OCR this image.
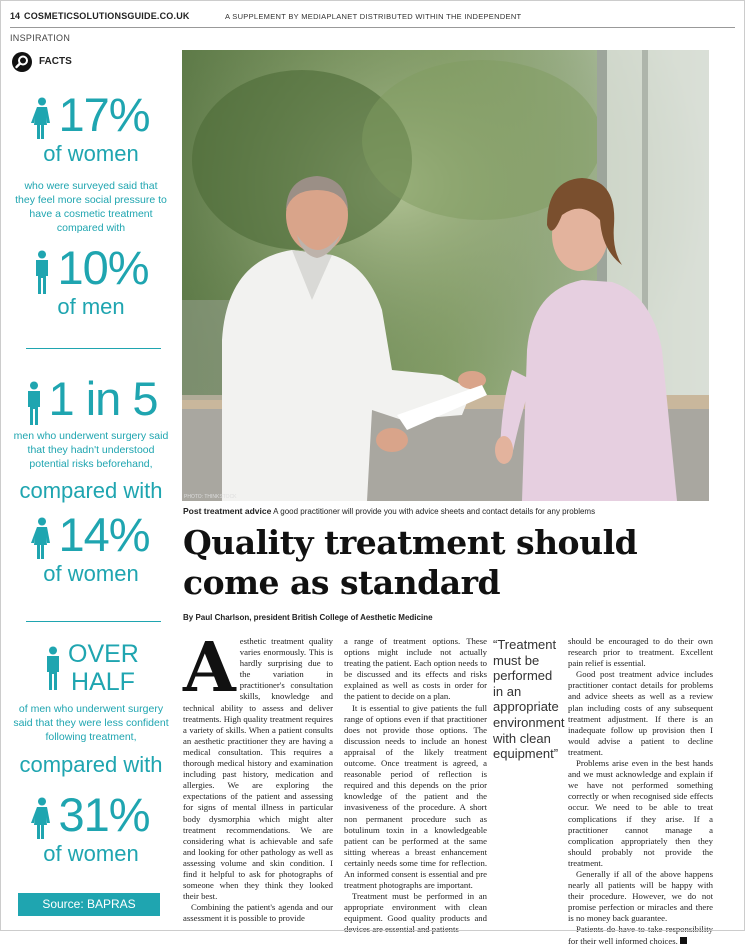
14 COSMETICSOLUTIONSGUIDE.CO.UK	A SUPPLEMENT BY MEDIAPLANET DISTRIBUTED WITHIN THE INDEPENDENT
INSPIRATION
FACTS
17%
of women
who were surveyed said that they feel more social pressure to have a cosmetic treatment compared with
10%
of men
1 in 5
men who underwent surgery said that they hadn't understood potential risks beforehand,
compared with
14%
of women
OVER HALF
of men who underwent surgery said that they were less confident following treatment,
compared with
31%
of women
Source: BAPRAS
PHOTO: THINKSTOCK
Post treatment advice A good practitioner will provide you with advice sheets and contact details for any problems
Quality treatment should come as standard
By Paul Charlson, president British College of Aesthetic Medicine

Aesthetic treatment quality varies enormously. This is hardly surprising due to the variation in practitioner's consultation skills, knowledge and technical ability to assess and deliver treatments. High quality treatment requires a variety of skills. When a patient consults an aesthetic practitioner they are having a medical consultation. This requires a thorough medical history and examination including past history, medication and allergies. We are exploring the expectations of the patient and assessing for signs of mental illness in particular body dysmorphia which might alter treatment recommendations. We are considering what is achievable and safe and looking for other pathology as well as assessing volume and skin condition. I find it helpful to ask for photographs of someone when they think they looked their best.

Combining the patient's agenda and our assessment it is possible to provide

a range of treatment options. These options might include not actually treating the patient. Each option needs to be discussed and its effects and risks explained as well as costs in order for the patient to decide on a plan.

It is essential to give patients the full range of options even if that practitioner does not provide those options. The discussion needs to include an honest appraisal of the likely treatment outcome. Once treatment is agreed, a reasonable period of reflection is required and this depends on the prior knowledge of the patient and the invasiveness of the procedure. A short non permanent procedure such as botulinum toxin in a knowledgeable patient can be performed at the same sitting whereas a breast enhancement certainly needs some time for reflection. An informed consent is essential and pre treatment photographs are important.

Treatment must be performed in an appropriate environment with clean equipment. Good quality products and devices are essential and patients

“Treatment must be performed in an appropriate environment with clean equipment”

should be encouraged to do their own research prior to treatment. Excellent pain relief is essential.

Good post treatment advice includes practitioner contact details for problems and advice sheets as well as a review plan including costs of any subsequent treatment adjustment. If there is an inadequate follow up provision then I would advise a patient to decline treatment.

Problems arise even in the best hands and we must acknowledge and explain if we have not performed something correctly or when recognised side effects occur. We need to be able to treat complications if they arise. If a practitioner cannot manage a complication appropriately then they should probably not provide the treatment.

Generally if all of the above happens nearly all patients will be happy with their procedure. However, we do not promise perfection or miracles and there is no money back guarantee.

Patients do have to take responsibility for their well informed choices.
